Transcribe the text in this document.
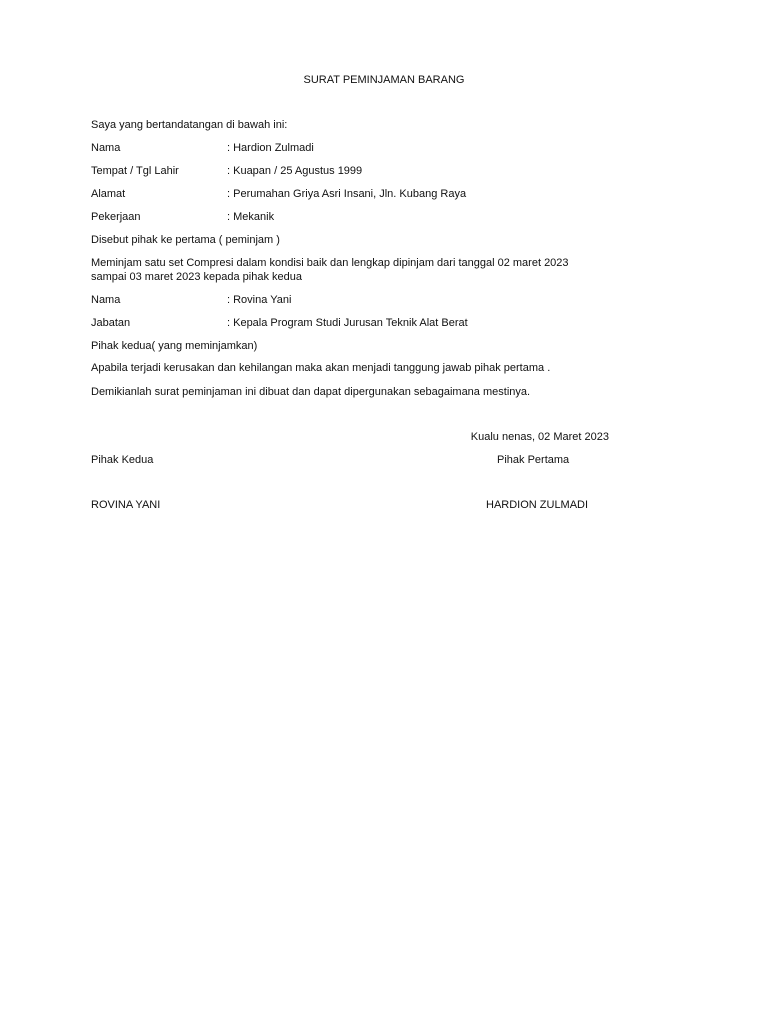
SURAT PEMINJAMAN BARANG
Saya yang bertandatangan di bawah ini:
Nama	: Hardion Zulmadi
Tempat / Tgl Lahir	: Kuapan / 25 Agustus 1999
Alamat	: Perumahan Griya Asri Insani, Jln. Kubang Raya
Pekerjaan	: Mekanik
Disebut pihak ke pertama ( peminjam )
Meminjam satu set Compresi dalam kondisi baik dan lengkap dipinjam dari tanggal 02 maret 2023
sampai 03 maret 2023 kepada pihak kedua
Nama	: Rovina Yani
Jabatan	: Kepala Program Studi Jurusan Teknik Alat Berat
Pihak kedua( yang meminjamkan)
Apabila terjadi kerusakan dan kehilangan maka akan menjadi tanggung jawab pihak pertama .
Demikianlah surat peminjaman ini dibuat dan dapat dipergunakan sebagaimana mestinya.
Kualu nenas, 02 Maret 2023
Pihak Kedua	Pihak Pertama
ROVINA YANI	HARDION ZULMADI
